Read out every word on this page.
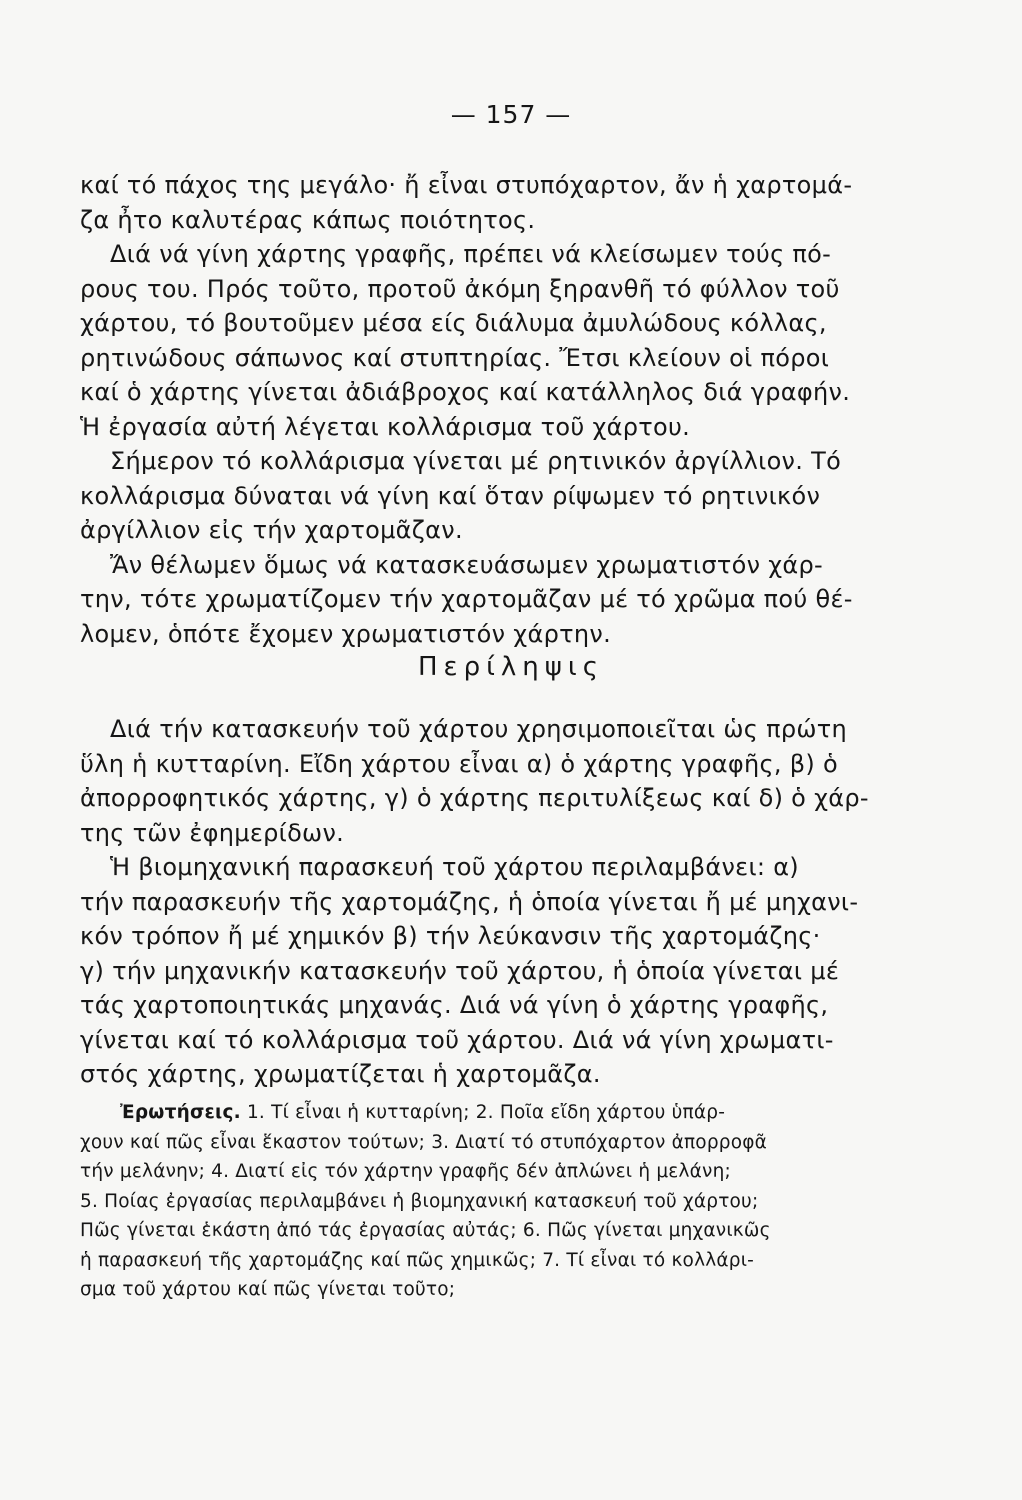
— 157 —
καί τό πάχος της μεγάλο· ἤ εἶναι στυπόχαρτον, ἄν ἡ χαρτομά-
ζα ἦτο καλυτέρας κάπως ποιότητος.
Διά νά γίνη χάρτης γραφῆς, πρέπει νά κλείσωμεν τούς πό-
ρους του. Πρός τοῦτο, προτοῦ ἀκόμη ξηρανθῆ τό φύλλον τοῦ
χάρτου, τό βουτοῦμεν μέσα είς διάλυμα ἀμυλώδους κόλλας,
ρητινώδους σάπωνος καί στυπτηρίας. Ἔτσι κλείουν οἱ πόροι
καί ὁ χάρτης γίνεται ἀδιάβροχος καί κατάλληλος διά γραφήν.
Ἡ ἐργασία αὐτή λέγεται κολλάρισμα τοῦ χάρτου.
Σήμερον τό κολλάρισμα γίνεται μέ ρητινικόν ἀργίλλιον. Τό
κολλάρισμα δύναται νά γίνη καί ὅταν ρίψωμεν τό ρητινικόν
ἀργίλλιον εἰς τήν χαρτομᾶζαν.
Ἄν θέλωμεν ὅμως νά κατασκευάσωμεν χρωματιστόν χάρ-
την, τότε χρωματίζομεν τήν χαρτομᾶζαν μέ τό χρῶμα πού θέ-
λομεν, ὁπότε ἔχομεν χρωματιστόν χάρτην.
Περίληψις
Διά τήν κατασκευήν τοῦ χάρτου χρησιμοποιεῖται ὡς πρώτη
ὕλη ἡ κυτταρίνη. Εἴδη χάρτου εἶναι α) ὁ χάρτης γραφῆς, β) ὁ
ἀπορροφητικός χάρτης, γ) ὁ χάρτης περιτυλίξεως καί δ) ὁ χάρ-
της τῶν ἐφημερίδων.
Ἡ βιομηχανική παρασκευή τοῦ χάρτου περιλαμβάνει: α)
τήν παρασκευήν τῆς χαρτομάζης, ἡ ὁποία γίνεται ἤ μέ μηχανι-
κόν τρόπον ἤ μέ χημικόν β) τήν λεύκανσιν τῆς χαρτομάζης·
γ) τήν μηχανικήν κατασκευήν τοῦ χάρτου, ἡ ὁποία γίνεται μέ
τάς χαρτοποιητικάς μηχανάς. Διά νά γίνη ὁ χάρτης γραφῆς,
γίνεται καί τό κολλάρισμα τοῦ χάρτου. Διά νά γίνη χρωματι-
στός χάρτης, χρωματίζεται ἡ χαρτομᾶζα.
Ἐρωτήσεις. 1. Τί εἶναι ἡ κυτταρίνη; 2. Ποῖα εἴδη χάρτου ὑπάρ-
χουν καί πῶς εἶναι ἕκαστον τούτων; 3. Διατί τό στυπόχαρτον ἀπορροφᾶ
τήν μελάνην; 4. Διατί εἰς τόν χάρτην γραφῆς δέν ἁπλώνει ἡ μελάνη;
5. Ποίας ἐργασίας περιλαμβάνει ἡ βιομηχανική κατασκευή τοῦ χάρτου;
Πῶς γίνεται ἑκάστη ἀπό τάς ἐργασίας αὐτάς; 6. Πῶς γίνεται μηχανικῶς
ἡ παρασκευή τῆς χαρτομάζης καί πῶς χημικῶς; 7. Τί εἶναι τό κολλάρι-
σμα τοῦ χάρτου καί πῶς γίνεται τοῦτο;
